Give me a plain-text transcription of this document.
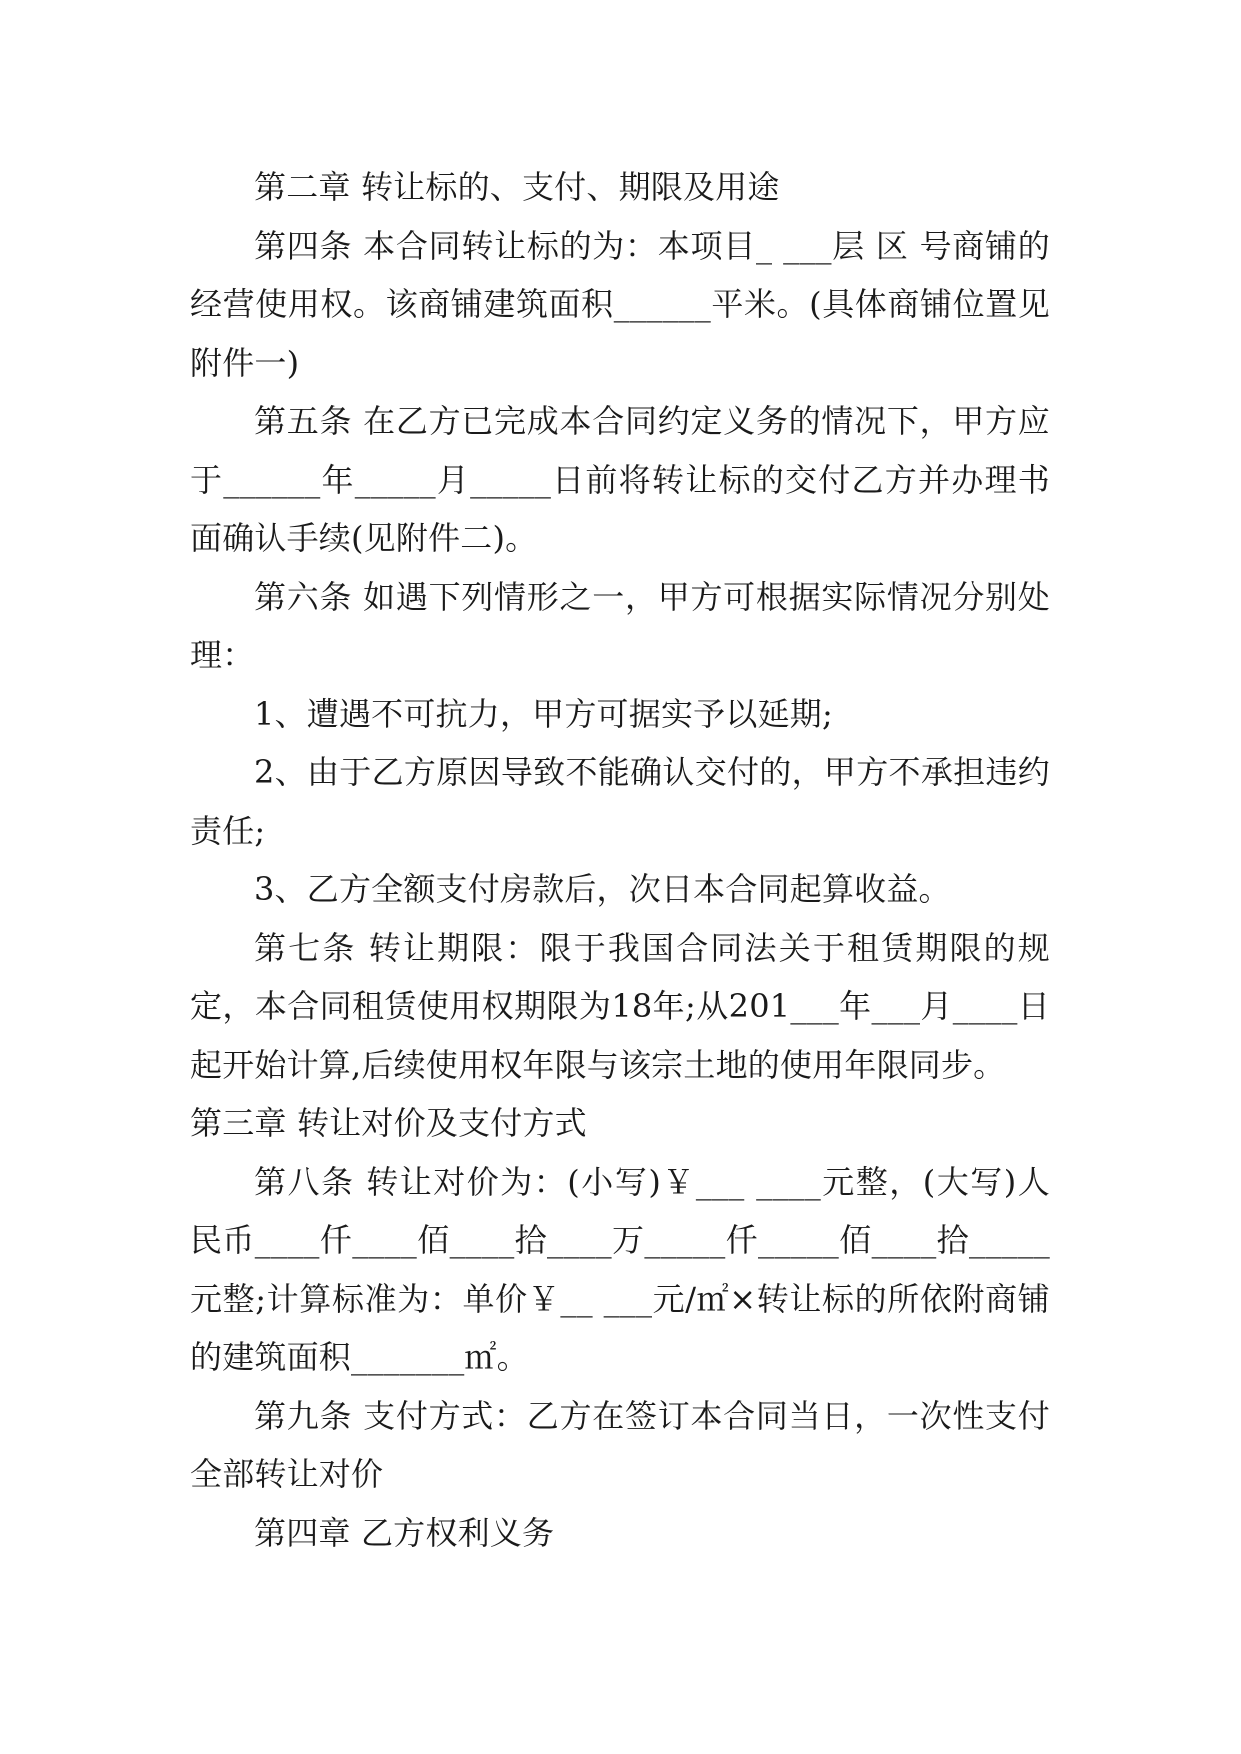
第二章 转让标的、支付、期限及用途

第四条 本合同转让标的为：本项目_ ___层 区 号商铺的经营使用权。该商铺建筑面积______平米。(具体商铺位置见附件一)

第五条 在乙方已完成本合同约定义务的情况下，甲方应于______年_____月_____日前将转让标的交付乙方并办理书面确认手续(见附件二)。

第六条 如遇下列情形之一，甲方可根据实际情况分别处理：

1、遭遇不可抗力，甲方可据实予以延期;

2、由于乙方原因导致不能确认交付的，甲方不承担违约责任;

3、乙方全额支付房款后，次日本合同起算收益。

第七条 转让期限：限于我国合同法关于租赁期限的规定，本合同租赁使用权期限为18年;从201___年___月____日起开始计算,后续使用权年限与该宗土地的使用年限同步。

第三章 转让对价及支付方式

第八条 转让对价为：(小写)￥___ ____元整，(大写)人民币____仟____佰____拾____万_____仟_____佰____拾_____元整;计算标准为：单价￥__ ___元/㎡×转让标的所依附商铺的建筑面积_______㎡。

第九条 支付方式：乙方在签订本合同当日，一次性支付全部转让对价

第四章 乙方权利义务
